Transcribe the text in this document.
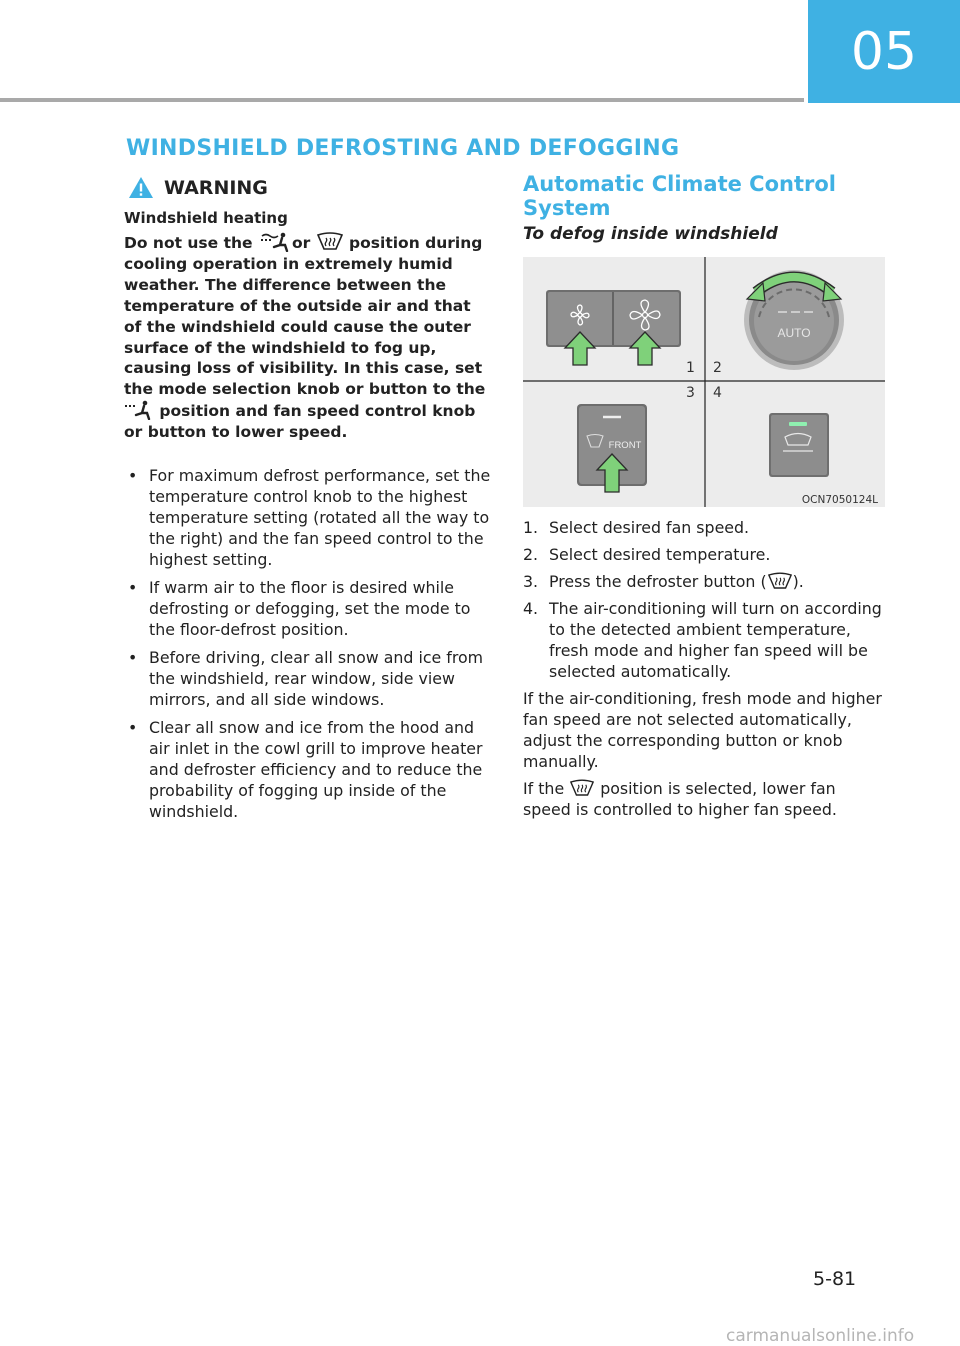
05
WINDSHIELD DEFROSTING AND DEFOGGING
WARNING
Windshield heating
Do not use the	or	position during cooling operation in extremely humid weather. The difference between the temperature of the outside air and that of the windshield could cause the outer surface of the windshield to fog up, causing loss of visibility. In this case, set the mode selection knob or button to the  position and fan speed control knob or button to lower speed.
• For maximum defrost performance, set the temperature control knob to the highest temperature setting (rotated all the way to the right) and the fan speed control to the highest setting.
• If warm air to the floor is desired while defrosting or defogging, set the mode to the floor-defrost position.
• Before driving, clear all snow and ice from the windshield, rear window, side view mirrors, and all side windows.
• Clear all snow and ice from the hood and air inlet in the cowl grill to improve heater and defroster efficiency and to reduce the probability of fogging up inside of the windshield.
Automatic Climate Control System
To defog inside windshield
AUTO
FRONT
1 2
3 4
OCN7050124L
1. Select desired fan speed.
2. Select desired temperature.
3. Press the defroster button ( ).
4. The air-conditioning will turn on according to the detected ambient temperature, fresh mode and higher fan speed will be selected automatically.

If the air-conditioning, fresh mode and higher fan speed are not selected automatically, adjust the corresponding button or knob manually.

If the position is selected, lower fan speed is controlled to higher fan speed.

5-81
carmanualsonline.info
